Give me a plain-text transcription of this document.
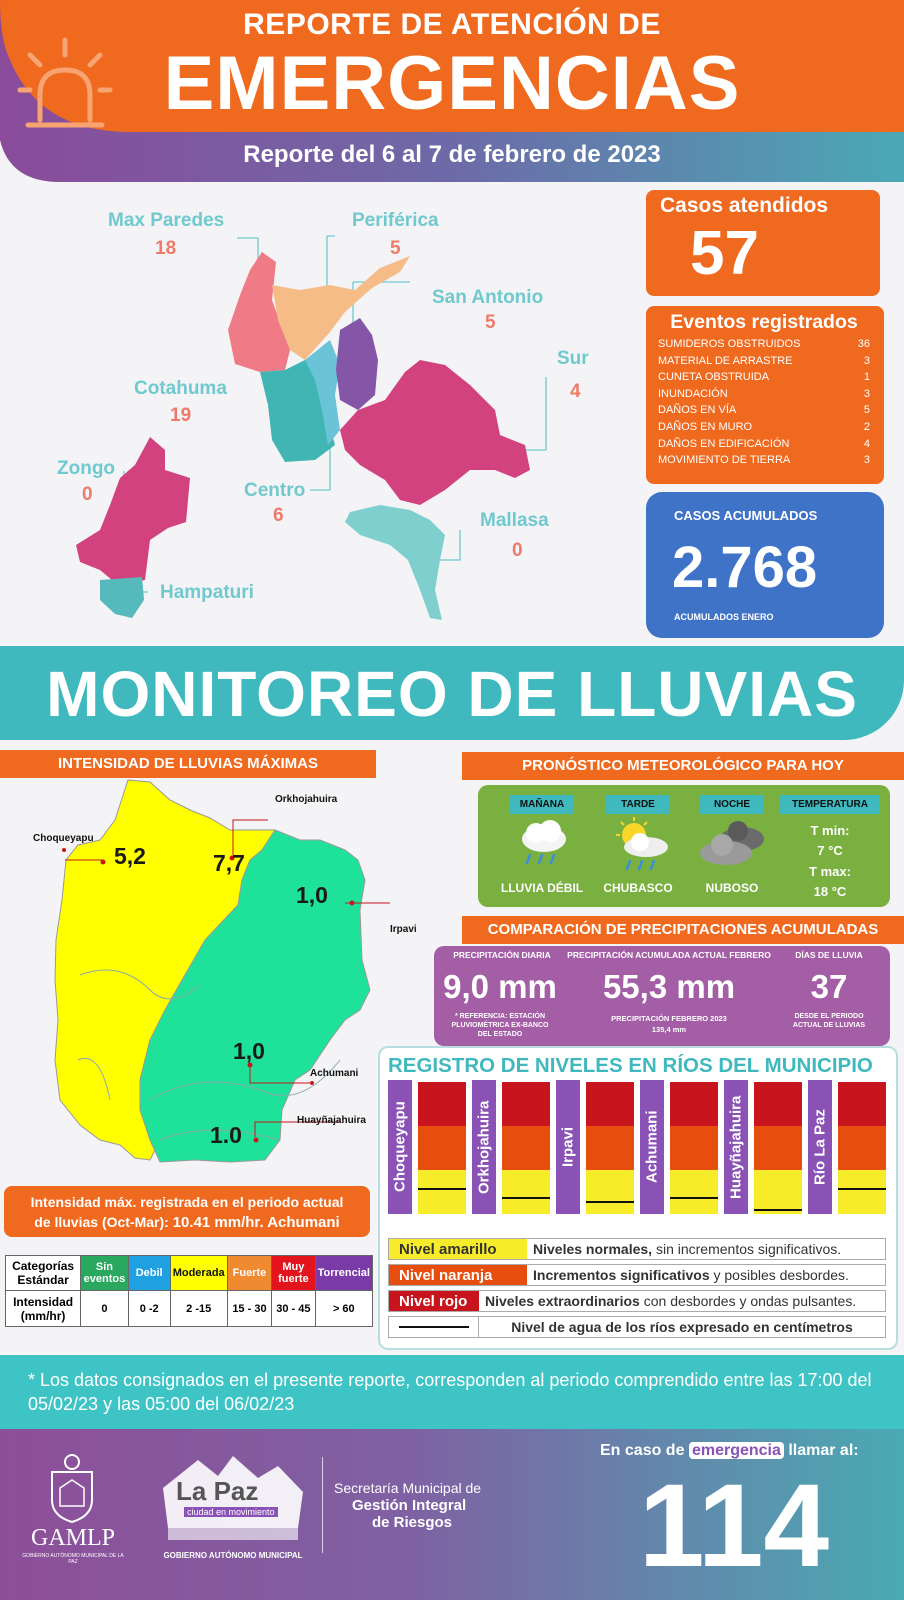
REPORTE DE ATENCIÓN DE
EMERGENCIAS
Reporte del 6 al 7 de febrero de 2023
Max Paredes
18
Periférica
5
San Antonio
5
Sur
4
Cotahuma
19
Zongo
0	Centro
6	Mallasa
0
Hampaturi
Casos atendidos
57
Eventos registrados
SUMIDEROS OBSTRUIDOS	36
MATERIAL DE ARRASTRE	3
CUNETA OBSTRUIDA	1
INUNDACIÓN	3
DAÑOS EN VÍA	5
DAÑOS EN MURO	2
DAÑOS EN EDIFICACIÓN	4
MOVIMIENTO DE TIERRA	3
CASOS ACUMULADOS
2.768
ACUMULADOS ENERO
MONITOREO DE LLUVIAS
INTENSIDAD DE LLUVIAS MÁXIMAS
Choqueyapu
5,2
Orkhojahuira
7,7
Irpavi
1,0
Achumani
1,0
Huayñajahuira
1.0
Intensidad máx. registrada en el periodo actual
de lluvias (Oct-Mar): 10.41 mm/hr. Achumani
Categorías Estándar	Sin eventos	Debil	Moderada	Fuerte	Muy fuerte	Torrencial
Intensidad (mm/hr)	0	0 -2	2 -15	15 - 30	30 - 45	> 60
PRONÓSTICO METEOROLÓGICO PARA HOY
MAÑANA	TARDE	NOCHE	TEMPERATURA
LLUVIA DÉBIL	CHUBASCO	NUBOSO
T min:
7 °C
T max:
18 °C
COMPARACIÓN DE PRECIPITACIONES ACUMULADAS
PRECIPITACIÓN DIARIA
9,0 mm
* REFERENCIA: ESTACIÓN PLUVIOMÉTRICA EX-BANCO DEL ESTADO
PRECIPITACIÓN ACUMULADA ACTUAL FEBRERO
55,3 mm
PRECIPITACIÓN FEBRERO 2023
135,4 mm
DÍAS DE LLUVIA
37
DESDE EL PERIODO ACTUAL DE LLUVIAS
REGISTRO DE NIVELES EN RÍOS DEL MUNICIPIO
Choqueyapu	Orkhojahuira	Irpavi	Achumani	Huayñajahuira	Río La Paz
Nivel amarillo	Niveles normales, sin incrementos significativos.
Nivel naranja	Incrementos significativos y posibles desbordes.
Nivel rojo	Niveles extraordinarios con desbordes y ondas pulsantes.
Nivel de agua de los ríos expresado en centímetros
* Los datos consignados en el presente reporte, corresponden al periodo comprendido entre las 17:00 del 05/02/23 y las 05:00 del 06/02/23
GAMLP
GOBIERNO AUTÓNOMO MUNICIPAL DE LA PAZ
La Paz
ciudad en movimiento
GOBIERNO AUTÓNOMO MUNICIPAL
Secretaría Municipal de
Gestión Integral
de Riesgos
En caso de emergencia llamar al:
114
